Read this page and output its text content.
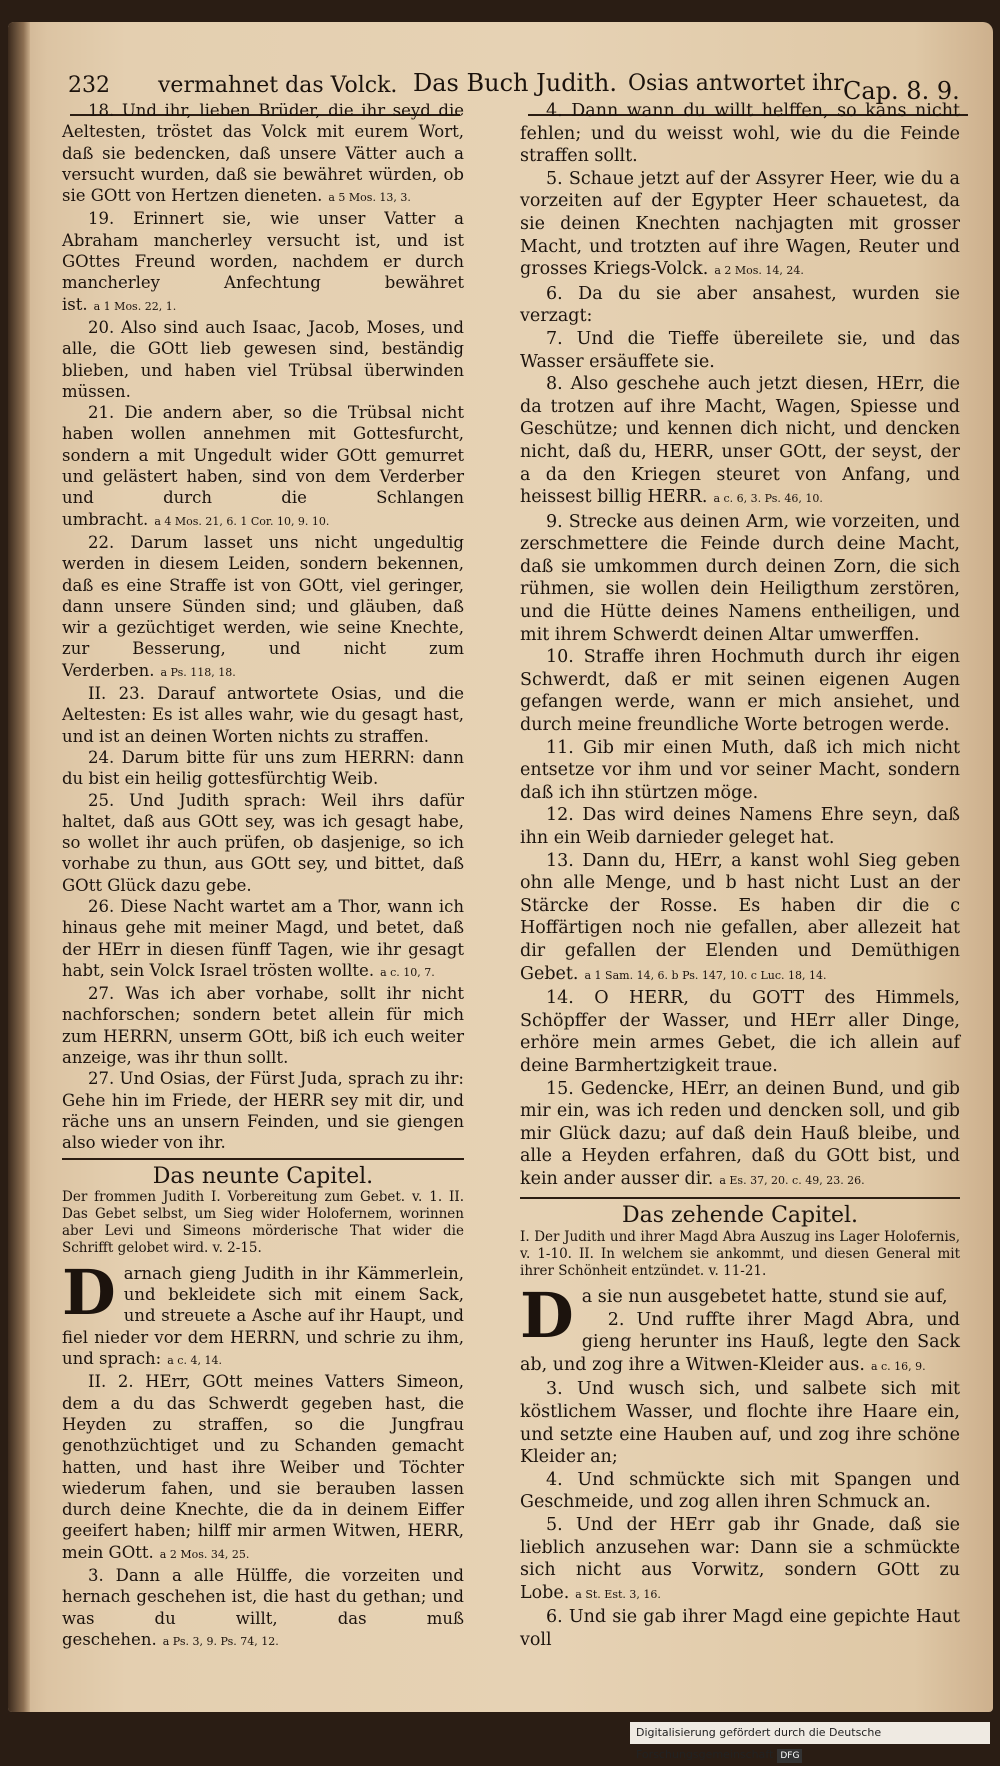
232 vermahnet das Volck. Das Buch Judith. Osias antwortet ihr Cap. 8. 9.

18. Und ihr, lieben Brüder, die ihr seyd die Aeltesten, tröstet das Volck mit eurem Wort, daß sie bedencken, daß unsere Vätter auch a versucht wurden, daß sie bewähret würden, ob sie GOtt von Hertzen dieneten. a 5 Mos. 13, 3.

19. Erinnert sie, wie unser Vatter a Abraham mancherley versucht ist, und ist GOttes Freund worden, nachdem er durch mancherley Anfechtung bewähret ist. a 1 Mos. 22, 1.

20. Also sind auch Isaac, Jacob, Moses, und alle, die GOtt lieb gewesen sind, beständig blieben, und haben viel Trübsal überwinden müssen.

21. Die andern aber, so die Trübsal nicht haben wollen annehmen mit Gottesfurcht, sondern a mit Ungedult wider GOtt gemurret und gelästert haben, sind von dem Verderber und durch die Schlangen umbracht. a 4 Mos. 21, 6. 1 Cor. 10, 9. 10.

22. Darum lasset uns nicht ungedultig werden in diesem Leiden, sondern bekennen, daß es eine Straffe ist von GOtt, viel geringer, dann unsere Sünden sind; und gläuben, daß wir a gezüchtiget werden, wie seine Knechte, zur Besserung, und nicht zum Verderben. a Ps. 118, 18.

II. 23. Darauf antwortete Osias, und die Aeltesten: Es ist alles wahr, wie du gesagt hast, und ist an deinen Worten nichts zu straffen.

24. Darum bitte für uns zum HERRN: dann du bist ein heilig gottesfürchtig Weib.

25. Und Judith sprach: Weil ihrs dafür haltet, daß aus GOtt sey, was ich gesagt habe, so wollet ihr auch prüfen, ob dasjenige, so ich vorhabe zu thun, aus GOtt sey, und bittet, daß GOtt Glück dazu gebe.

26. Diese Nacht wartet am a Thor, wann ich hinaus gehe mit meiner Magd, und betet, daß der HErr in diesen fünff Tagen, wie ihr gesagt habt, sein Volck Israel trösten wollte. a c. 10, 7.

27. Was ich aber vorhabe, sollt ihr nicht nachforschen; sondern betet allein für mich zum HERRN, unserm GOtt, biß ich euch weiter anzeige, was ihr thun sollt.

27. Und Osias, der Fürst Juda, sprach zu ihr: Gehe hin im Friede, der HERR sey mit dir, und räche uns an unsern Feinden, und sie giengen also wieder von ihr.

Das neunte Capitel.
Der frommen Judith I. Vorbereitung zum Gebet. v. 1. II. Das Gebet selbst, um Sieg wider Holofernem, worinnen aber Levi und Simeons mörderische That wider die Schrifft gelobet wird. v. 2-15.
D arnach gieng Judith in ihr Kämmerlein, und bekleidete sich mit einem Sack, und streuete a Asche auf ihr Haupt, und fiel nieder vor dem HERRN, und schrie zu ihm, und sprach: a c. 4, 14.

II. 2. HErr, GOtt meines Vatters Simeon, dem a du das Schwerdt gegeben hast, die Heyden zu straffen, so die Jungfrau genothzüchtiget und zu Schanden gemacht hatten, und hast ihre Weiber und Töchter wiederum fahen, und sie berauben lassen durch deine Knechte, die da in deinem Eiffer geeifert haben; hilff mir armen Witwen, HERR, mein GOtt. a 2 Mos. 34, 25.

3. Dann a alle Hülffe, die vorzeiten und hernach geschehen ist, die hast du gethan; und was du willt, das muß geschehen. a Ps. 3, 9. Ps. 74, 12.

4. Dann wann du willt helffen, so kans nicht fehlen; und du weisst wohl, wie du die Feinde straffen sollt.

5. Schaue jetzt auf der Assyrer Heer, wie du a vorzeiten auf der Egypter Heer schauetest, da sie deinen Knechten nachjagten mit grosser Macht, und trotzten auf ihre Wagen, Reuter und grosses Kriegs-Volck. a 2 Mos. 14, 24.

6. Da du sie aber ansahest, wurden sie verzagt:

7. Und die Tieffe übereilete sie, und das Wasser ersäuffete sie.

8. Also geschehe auch jetzt diesen, HErr, die da trotzen auf ihre Macht, Wagen, Spiesse und Geschütze; und kennen dich nicht, und dencken nicht, daß du, HERR, unser GOtt, der seyst, der a da den Kriegen steuret von Anfang, und heissest billig HERR. a c. 6, 3. Ps. 46, 10.

9. Strecke aus deinen Arm, wie vorzeiten, und zerschmettere die Feinde durch deine Macht, daß sie umkommen durch deinen Zorn, die sich rühmen, sie wollen dein Heiligthum zerstören, und die Hütte deines Namens entheiligen, und mit ihrem Schwerdt deinen Altar umwerffen.

10. Straffe ihren Hochmuth durch ihr eigen Schwerdt, daß er mit seinen eigenen Augen gefangen werde, wann er mich ansiehet, und durch meine freundliche Worte betrogen werde.

11. Gib mir einen Muth, daß ich mich nicht entsetze vor ihm und vor seiner Macht, sondern daß ich ihn stürtzen möge.

12. Das wird deines Namens Ehre seyn, daß ihn ein Weib darnieder geleget hat.

13. Dann du, HErr, a kanst wohl Sieg geben ohn alle Menge, und b hast nicht Lust an der Stärcke der Rosse. Es haben dir die c Hoffärtigen noch nie gefallen, aber allezeit hat dir gefallen der Elenden und Demüthigen Gebet. a 1 Sam. 14, 6. b Ps. 147, 10. c Luc. 18, 14.

14. O HERR, du GOTT des Himmels, Schöpffer der Wasser, und HErr aller Dinge, erhöre mein armes Gebet, die ich allein auf deine Barmhertzigkeit traue.

15. Gedencke, HErr, an deinen Bund, und gib mir ein, was ich reden und dencken soll, und gib mir Glück dazu; auf daß dein Hauß bleibe, und alle a Heyden erfahren, daß du GOtt bist, und kein ander ausser dir. a Es. 37, 20. c. 49, 23. 26.

Das zehende Capitel.
I. Der Judith und ihrer Magd Abra Auszug ins Lager Holofernis, v. 1-10. II. In welchem sie ankommt, und diesen General mit ihrer Schönheit entzündet. v. 11-21.
D a sie nun ausgebetet hatte, stund sie auf,

2. Und ruffte ihrer Magd Abra, und gieng herunter ins Hauß, legte den Sack ab, und zog ihre a Witwen-Kleider aus. a c. 16, 9.

3. Und wusch sich, und salbete sich mit köstlichem Wasser, und flochte ihre Haare ein, und setzte eine Hauben auf, und zog ihre schöne Kleider an;

4. Und schmückte sich mit Spangen und Geschmeide, und zog allen ihren Schmuck an.

5. Und der HErr gab ihr Gnade, daß sie lieblich anzusehen war: Dann sie a schmückte sich nicht aus Vorwitz, sondern GOtt zu Lobe. a St. Est. 3, 16.

6. Und sie gab ihrer Magd eine gepichte Haut voll

Digitalisierung gefördert durch die Deutsche Forschungsgemeinschaft DFG
